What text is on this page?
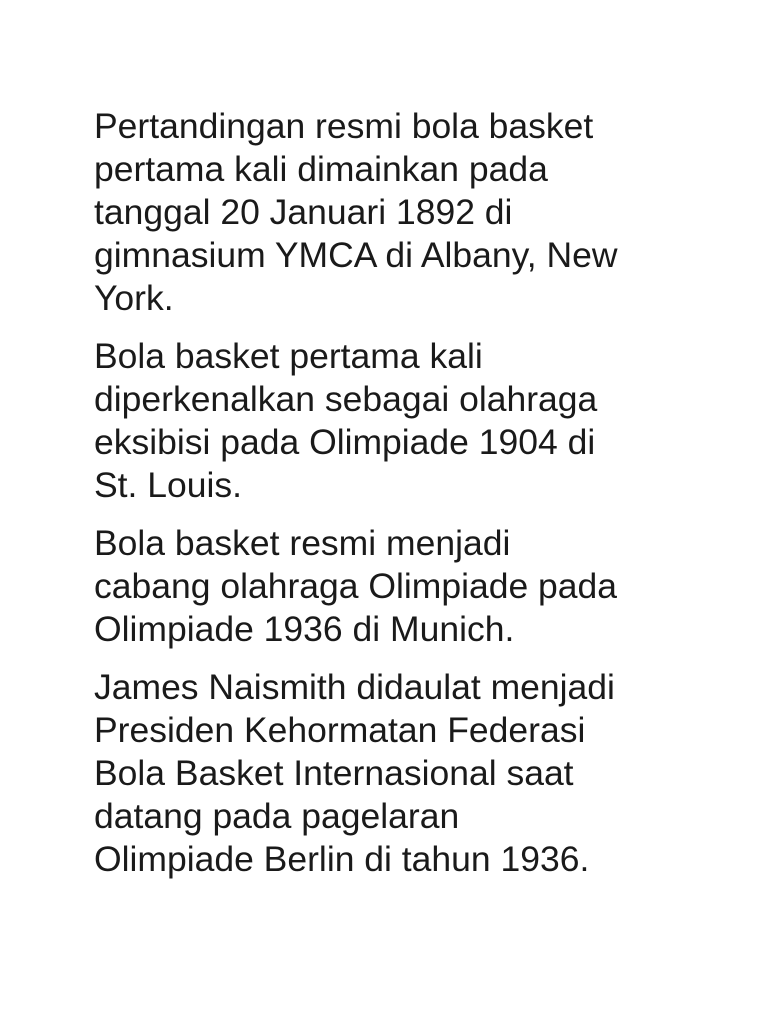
Pertandingan resmi bola basket
pertama kali dimainkan pada
tanggal 20 Januari 1892 di
gimnasium YMCA di Albany, New
York.

Bola basket pertama kali
diperkenalkan sebagai olahraga
eksibisi pada Olimpiade 1904 di
St. Louis.

Bola basket resmi menjadi
cabang olahraga Olimpiade pada
Olimpiade 1936 di Munich.

James Naismith didaulat menjadi
Presiden Kehormatan Federasi
Bola Basket Internasional saat
datang pada pagelaran
Olimpiade Berlin di tahun 1936.
